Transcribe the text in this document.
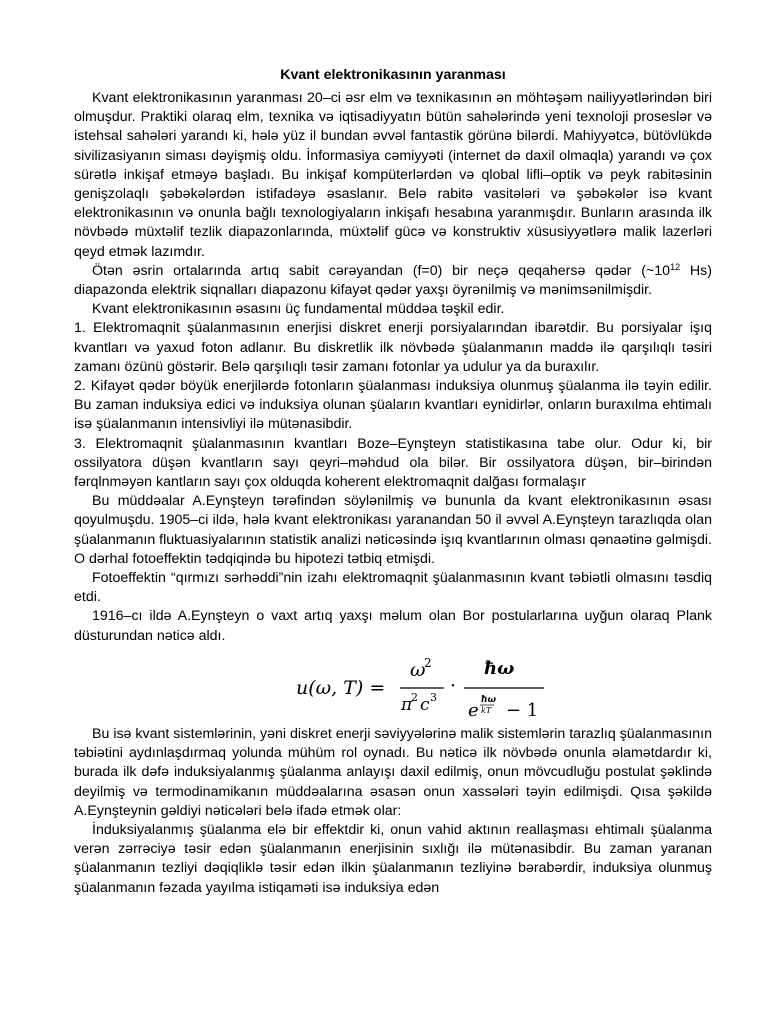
Kvant elektronikasının yaranması

Kvant elektronikasının yaranması 20–ci əsr elm və texnikasının ən möhtəşəm nailiyyətlərindən biri olmuşdur. Praktiki olaraq elm, texnika və iqtisadiyyatın bütün sahələrində yeni texnoloji proseslər və istehsal sahələri yarandı ki, hələ yüz il bundan əvvəl fantastik görünə bilərdi. Mahiyyətcə, bütövlükdə sivilizasiyanın siması dəyişmiş oldu. İnformasiya cəmiyyəti (internet də daxil olmaqla) yarandı və çox sürətlə inkişaf etməyə başladı. Bu inkişaf kompüterlərdən və qlobal lifli–optik və peyk rabitəsinin genişzolaqlı şəbəkələrdən istifadəyə əsaslanır. Belə rabitə vasitələri və şəbəkələr isə kvant elektronikasının və onunla bağlı texnologiyaların inkişafı hesabına yaranmışdır. Bunların arasında ilk növbədə müxtəlif tezlik diapazonlarında, müxtəlif gücə və konstruktiv xüsusiyyətlərə malik lazerləri qeyd etmək lazımdır.

Ötən əsrin ortalarında artıq sabit cərəyandan (f=0) bir neçə qeqahersə qədər ($\sim 10^{12}$ Hs) diapazonda elektrik siqnalları diapazonu kifayət qədər yaxşı öyrənilmiş və mənimsənilmişdir.

Kvant elektronikasının əsasını üç fundamental müddəa təşkil edir.

1. Elektromaqnit şüalanmasının enerjisi diskret enerji porsiyalarından ibarətdir. Bu porsiyalar işıq kvantları və yaxud foton adlanır. Bu diskretlik ilk növbədə şüalanmanın maddə ilə qarşılıqlı təsiri zamanı özünü göstərir. Belə qarşılıqlı təsir zamanı fotonlar ya udulur ya da buraxılır.

2. Kifayət qədər böyük enerjilərdə fotonların şüalanması induksiya olunmuş şüalanma ilə təyin edilir. Bu zaman induksiya edici və induksiya olunan şüaların kvantları eynidirlər, onların buraxılma ehtimalı isə şüalanmanın intensivliyi ilə mütənasibdir.

3. Elektromaqnit şüalanmasının kvantları Boze–Eynşteyn statistikasına tabe olur. Odur ki, bir ossilyatora düşən kvantların sayı qeyri–məhdud ola bilər. Bir ossilyatora düşən, bir–birindən fərqlnməyən kantların sayı çox olduqda koherent elektromaqnit dalğası formalaşır

Bu müddəalar A.Eynşteyn tərəfindən söylənilmiş və bununla da kvant elektronikasının əsası qoyulmuşdu. 1905–ci ildə, hələ kvant elektronikası yaranandan 50 il əvvəl A.Eynşteyn tarazlıqda olan şüalanmanın fluktuasiyalarının statistik analizi nəticəsində işıq kvantlarının olması qənaətinə gəlmişdi. O dərhal fotoeffektin tədqiqində bu hipotezi tətbiq etmişdi.

Fotoeffektin “qırmızı sərhəddi”nin izahı elektromaqnit şüalanmasının kvant təbiətli olmasını təsdiq etdi.

1916–cı ildə A.Eynşteyn o vaxt artıq yaxşı məlum olan Bor postularlarına uyğun olaraq Plank düsturundan nəticə aldı.

u(ω, T) =
ω
2
π
2 c 3
·
ħω
e ħω
kT − 1

Bu isə kvant sistemlərinin, yəni diskret enerji səviyyələrinə malik sistemlərin tarazlıq şüalanmasının təbiətini aydınlaşdırmaq yolunda mühüm rol oynadı. Bu nəticə ilk növbədə onunla əlamətdardır ki, burada ilk dəfə induksiyalanmış şüalanma anlayışı daxil edilmiş, onun mövcudluğu postulat şəklində deyilmiş və termodinamikanın müddəalarına əsasən onun xassələri təyin edilmişdi. Qısa şəkildə A.Eynşteynin gəldiyi nəticələri belə ifadə etmək olar:

İnduksiyalanmış şüalanma elə bir effektdir ki, onun vahid aktının reallaşması ehtimalı şüalanma verən zərrəciyə təsir edən şüalanmanın enerjisinin sıxlığı ilə mütənasibdir. Bu zaman yaranan şüalanmanın tezliyi dəqiqliklə təsir edən ilkin şüalanmanın tezliyinə bərabərdir, induksiya olunmuş şüalanmanın fəzada yayılma istiqaməti isə induksiya edən
